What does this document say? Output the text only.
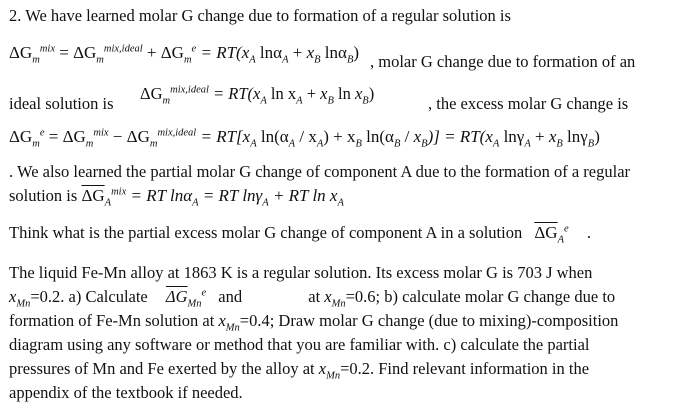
2. We have learned molar G change due to formation of a regular solution is
$\Delta G_m^{mix} = \Delta G_m^{mix,ideal} + \Delta G_m^e = RT(x_A$ $\ln\alpha_A + x_B$ lnα$_B$) , molar G change due to formation of an
ideal solution is
$\Delta G_m^{mix,ideal} = RT(x_A$ $\ln x_A + x_B$ $\ln x_B$)
, the excess molar G change is
$\Delta G_m^e = \Delta G_m^{mix} - \Delta G_m^{mix,ideal} = RT[x_A$ $\ln(\alpha_A / x_A) + x_B$ $\ln(\alpha_B / x_B)] = RT(x_A$ $\ln\gamma_A + x_B$ lnγ$_B$)
. We also learned the partial molar G change of component A due to the formation of a regular
solution is $\overline{\Delta G}_A^{mix}$ = RT lnα$_A$ = RT lnγ$_A$ + RT $\ln x_A$
Think what is the partial excess molar G change of component A in a solution $\overline{\Delta G}_A^e$ .
The liquid Fe-Mn alloy at 1863 K is a regular solution. Its excess molar G is 703 J when
$x_{Mn}=0.2$. a) Calculate $\overline{\Delta G}_{Mn}^e$ and	at $x_{Mn}=0.6$; b) calculate molar G change due to
formation of Fe-Mn solution at $x_{Mn}=0.4$; Draw molar G change (due to mixing)-composition
diagram using any software or method that you are familiar with. c) calculate the partial
pressures of Mn and Fe exerted by the alloy at $x_{Mn}=0.2$. Find relevant information in the
appendix of the textbook if needed.
